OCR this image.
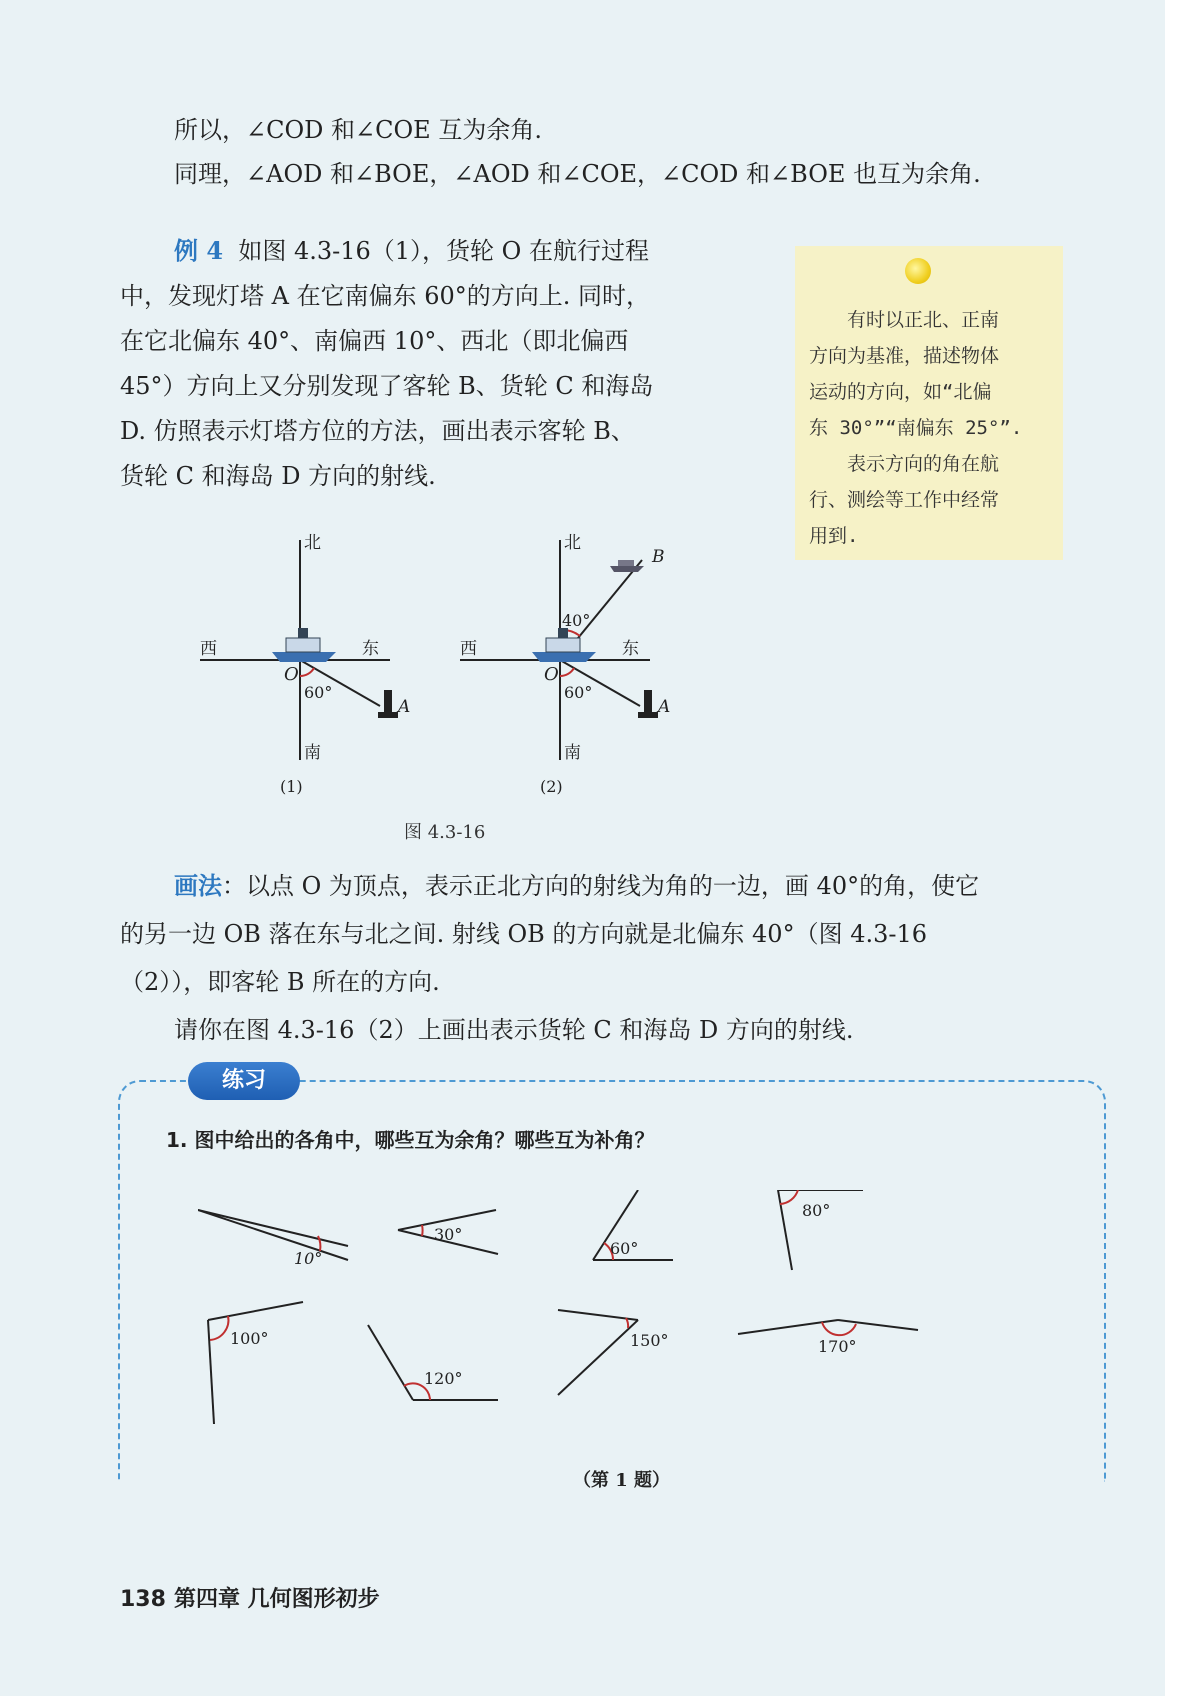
所以，∠COD 和∠COE 互为余角.

同理，∠AOD 和∠BOE，∠AOD 和∠COE，∠COD 和∠BOE 也互为余角.

例 4 如图 4.3-16（1），货轮 O 在航行过程

中，发现灯塔 A 在它南偏东 60°的方向上. 同时，

在它北偏东 40°、南偏西 10°、西北（即北偏西

45°）方向上又分别发现了客轮 B、货轮 C 和海岛

D. 仿照表示灯塔方位的方法，画出表示客轮 B、

货轮 C 和海岛 D 方向的射线.

有时以正北、正南

方向为基准，描述物体

运动的方向，如“北偏

东 30°”“南偏东 25°”.

表示方向的角在航

行、测绘等工作中经常

用到.

北
西	东
O
60°
A
南
(1)
北
B
40°
西	东
O
60°
A
南
(2)
图 4.3-16

画法：以点 O 为顶点，表示正北方向的射线为角的一边，画 40°的角，使它

的另一边 OB 落在东与北之间. 射线 OB 的方向就是北偏东 40°（图 4.3-16

（2）），即客轮 B 所在的方向.

请你在图 4.3-16（2）上画出表示货轮 C 和海岛 D 方向的射线.

练习
1. 图中给出的各角中，哪些互为余角？哪些互为补角？
10°
30°
60°
80°
100°
120°
150°	170°
（第 1 题）
138 第四章 几何图形初步
